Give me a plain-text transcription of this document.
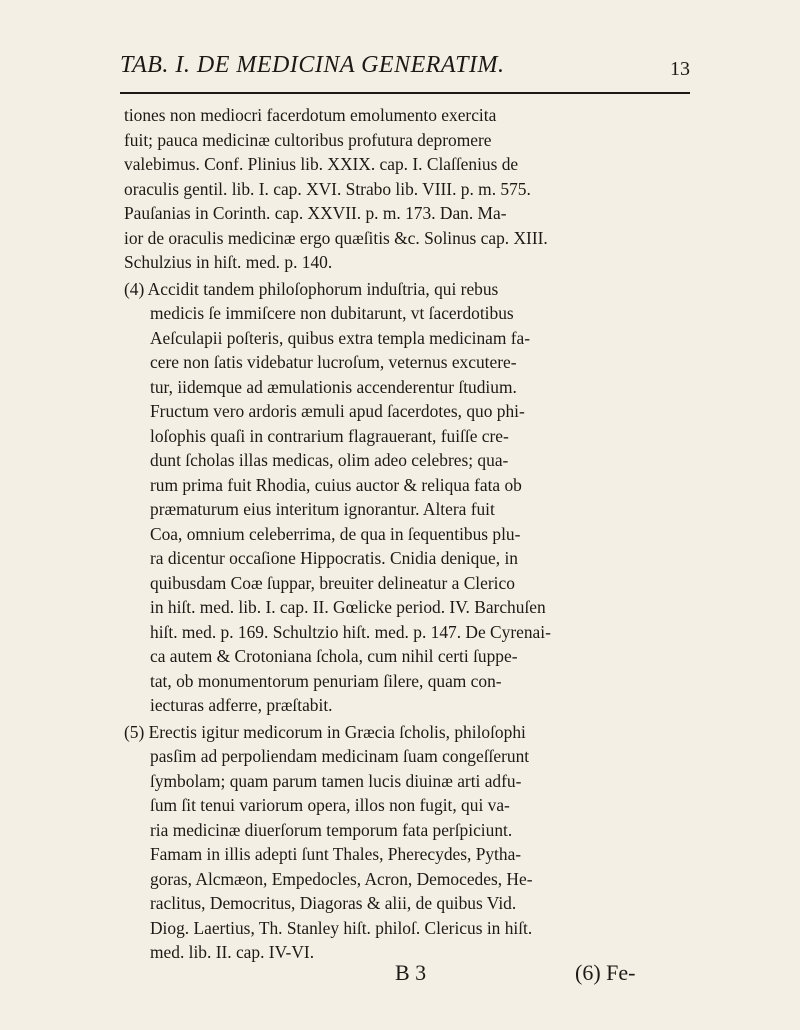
TAB. I. DE MEDICINA GENERATIM.	13
tiones non mediocri facerdotum emolumento exercita
fuit; pauca medicinæ cultoribus profutura depromere
valebimus. Conf. Plinius lib. XXIX. cap. I. Claſſenius de
oraculis gentil. lib. I. cap. XVI. Strabo lib. VIII. p. m. 575.
Pauſanias in Corinth. cap. XXVII. p. m. 173. Dan. Ma-
ior de oraculis medicinæ ergo quæſitis &c. Solinus cap. XIII.
Schulzius in hiſt. med. p. 140.
(4) Accidit tandem philoſophorum induſtria, qui rebus
medicis ſe immiſcere non dubitarunt, vt ſacerdotibus
Aeſculapii poſteris, quibus extra templa medicinam fa-
cere non ſatis videbatur lucroſum, veternus excutere-
tur, iidemque ad æmulationis accenderentur ſtudium.
Fructum vero ardoris æmuli apud ſacerdotes, quo phi-
loſophis quaſi in contrarium flagrauerant, fuiſſe cre-
dunt ſcholas illas medicas, olim adeo celebres; qua-
rum prima fuit Rhodia, cuius auctor & reliqua fata ob
præmaturum eius interitum ignorantur. Altera fuit
Coa, omnium celeberrima, de qua in ſequentibus plu-
ra dicentur occaſione Hippocratis. Cnidia denique, in
quibusdam Coæ ſuppar, breuiter delineatur a Clerico
in hiſt. med. lib. I. cap. II. Gœlicke period. IV. Barchuſen
hiſt. med. p. 169. Schultzio hiſt. med. p. 147. De Cyrenai-
ca autem & Crotoniana ſchola, cum nihil certi ſuppe-
tat, ob monumentorum penuriam ſilere, quam con-
iecturas adferre, præſtabit.
(5) Erectis igitur medicorum in Græcia ſcholis, philoſophi
pasſim ad perpoliendam medicinam ſuam congeſſerunt
ſymbolam; quam parum tamen lucis diuinæ arti adfu-
ſum ſit tenui variorum opera, illos non fugit, qui va-
ria medicinæ diuerſorum temporum fata perſpiciunt.
Famam in illis adepti ſunt Thales, Pherecydes, Pytha-
goras, Alcmæon, Empedocles, Acron, Democedes, He-
raclitus, Democritus, Diagoras & alii, de quibus Vid.
Diog. Laertius, Th. Stanley hiſt. philoſ. Clericus in hiſt.
med. lib. II. cap. IV-VI.
B 3	(6) Fe-
